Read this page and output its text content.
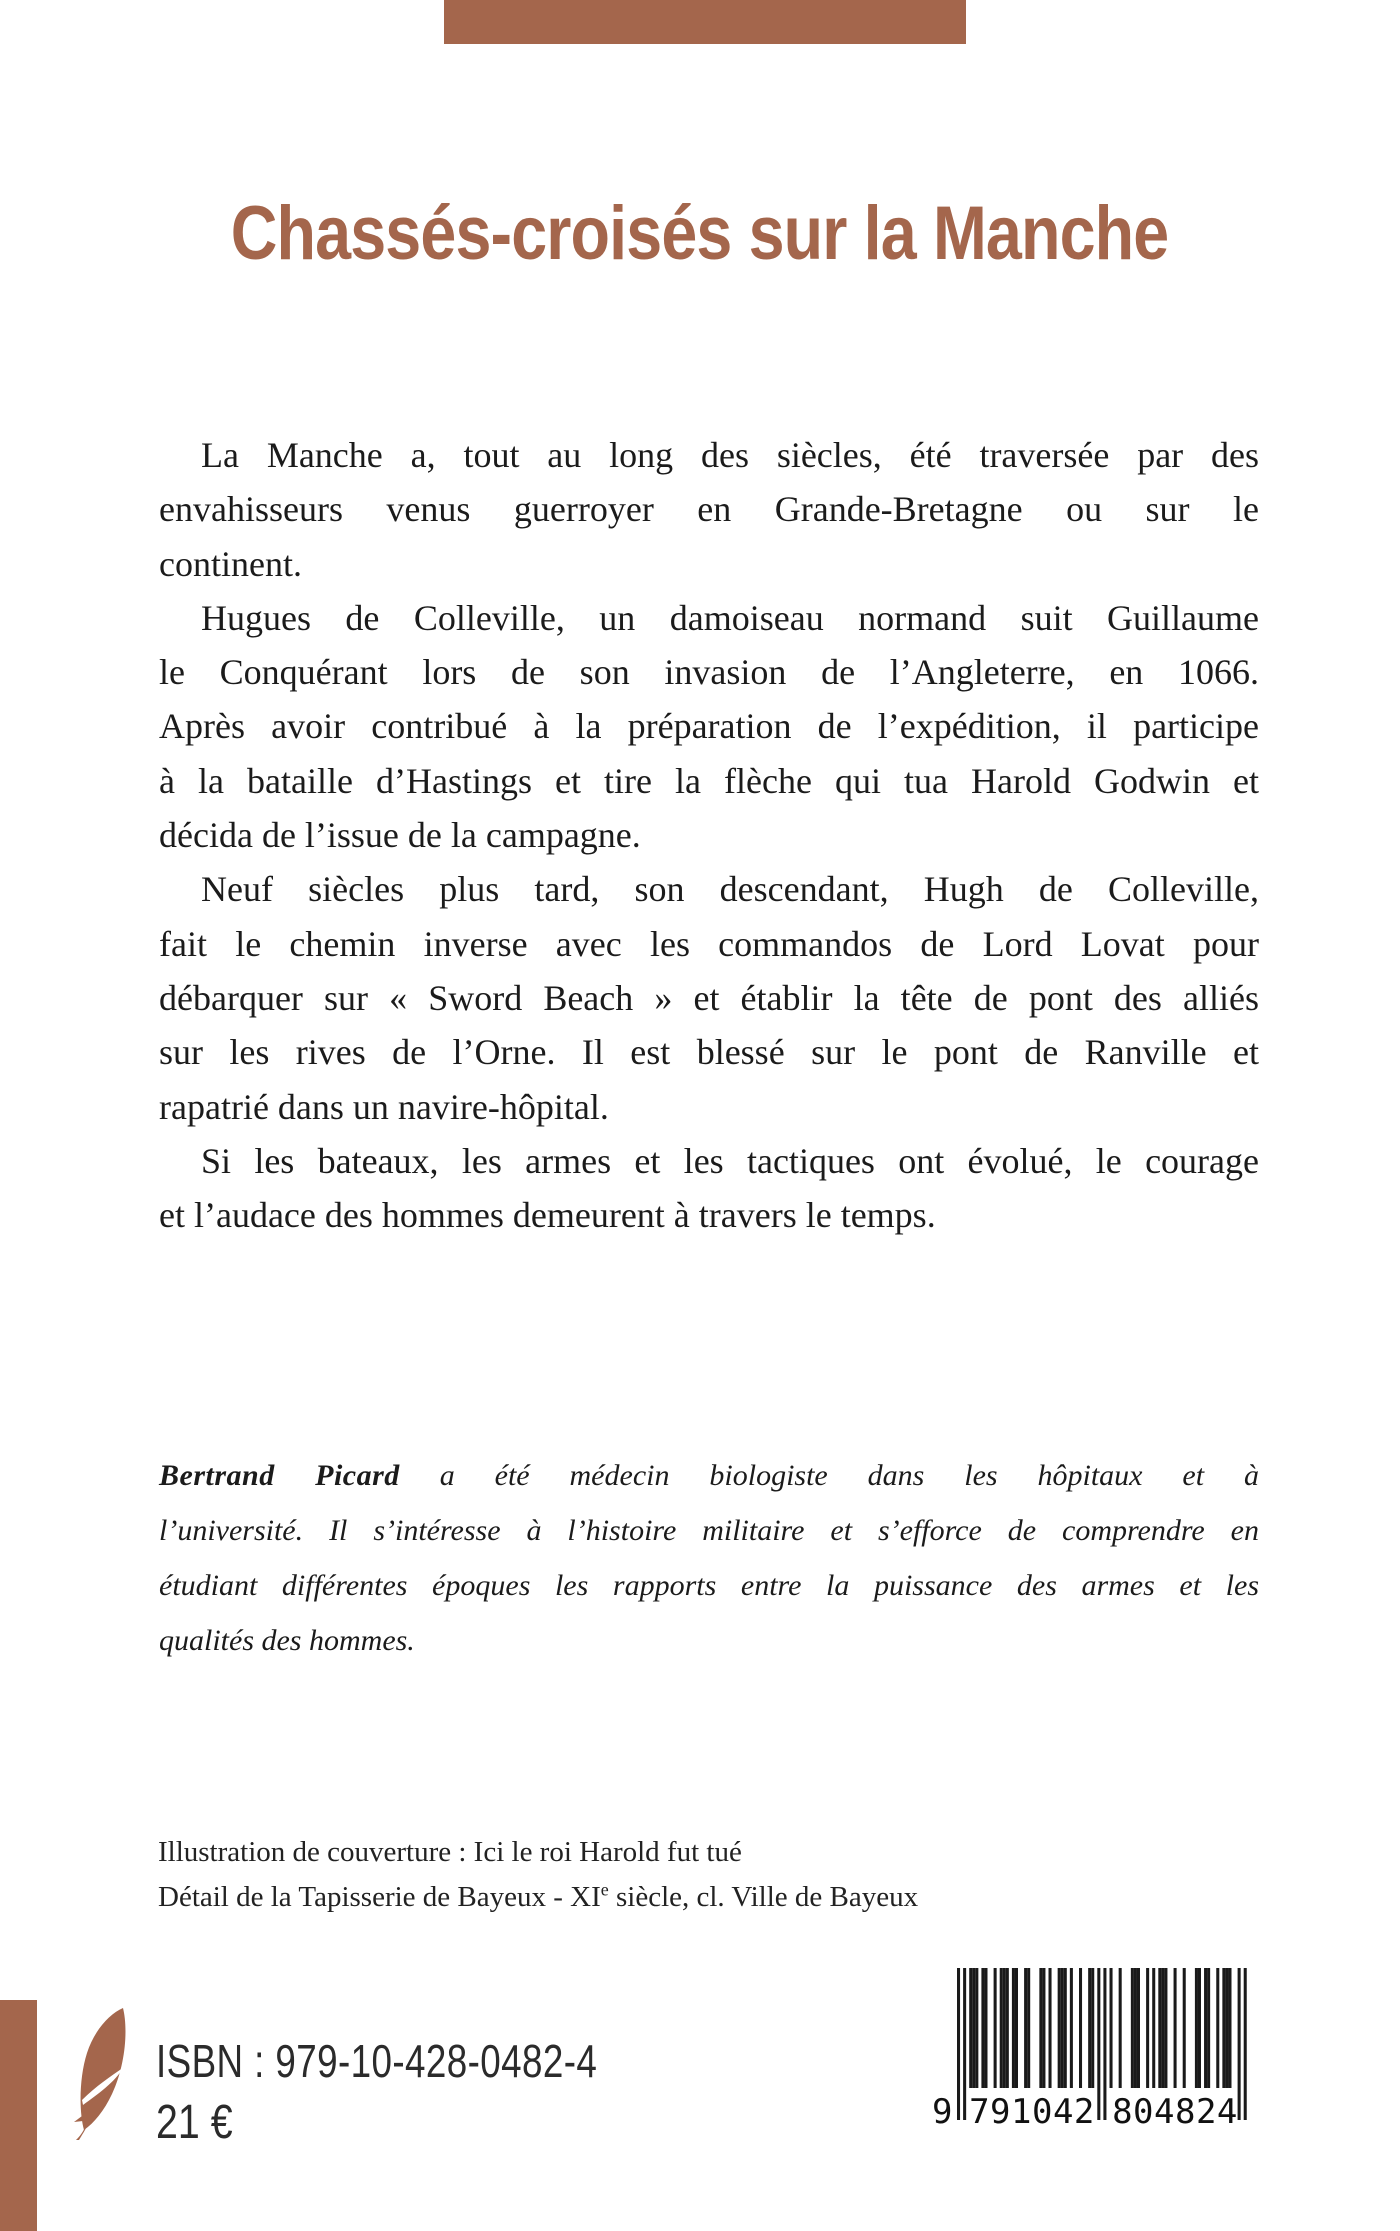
Chassés-croisés sur la Manche
La Manche a, tout au long des siècles, été traversée par des
envahisseurs venus guerroyer en Grande-Bretagne ou sur le
continent.
Hugues de Colleville, un damoiseau normand suit Guillaume
le Conquérant lors de son invasion de l’Angleterre, en 1066.
Après avoir contribué à la préparation de l’expédition, il participe
à la bataille d’Hastings et tire la flèche qui tua Harold Godwin et
décida de l’issue de la campagne.
Neuf siècles plus tard, son descendant, Hugh de Colleville,
fait le chemin inverse avec les commandos de Lord Lovat pour
débarquer sur « Sword Beach » et établir la tête de pont des alliés
sur les rives de l’Orne. Il est blessé sur le pont de Ranville et
rapatrié dans un navire-hôpital.
Si les bateaux, les armes et les tactiques ont évolué, le courage
et l’audace des hommes demeurent à travers le temps.
Bertrand Picard a été médecin biologiste dans les hôpitaux et à
l’université. Il s’intéresse à l’histoire militaire et s’efforce de comprendre en
étudiant différentes époques les rapports entre la puissance des armes et les
qualités des hommes.
Illustration de couverture : Ici le roi Harold fut tué
Détail de la Tapisserie de Bayeux - XIe siècle, cl. Ville de Bayeux
ISBN : 979-10-428-0482-4
21 €	9 791042 804824
